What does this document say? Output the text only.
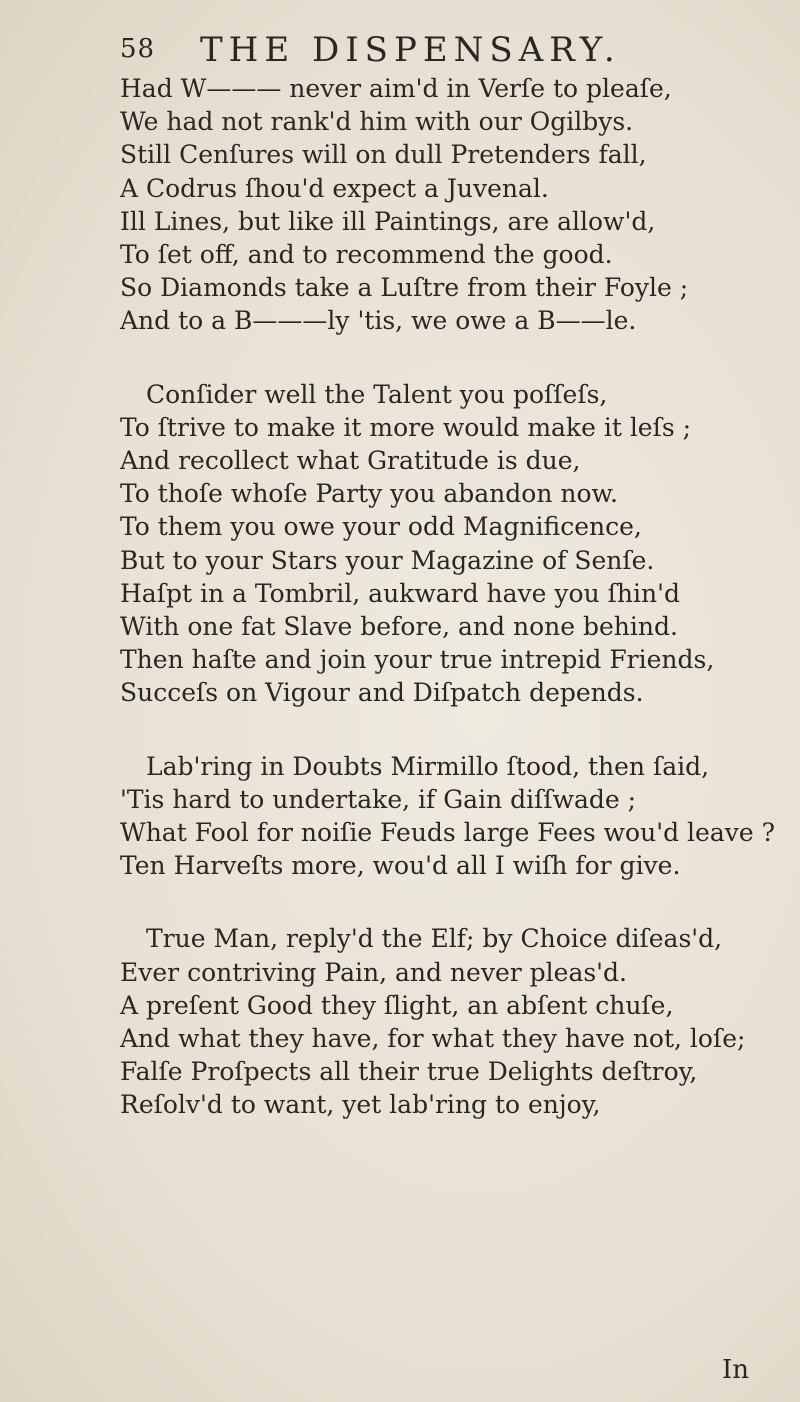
58 THE DISPENSARY.
Had W——— never aim'd in Verſe to pleaſe,
We had not rank'd him with our Ogilbys.
Still Cenſures will on dull Pretenders fall,
A Codrus ſhou'd expect a Juvenal.
Ill Lines, but like ill Paintings, are allow'd,
To ſet off, and to recommend the good.
So Diamonds take a Luſtre from their Foyle ;
And to a B———ly 'tis, we owe a B——le.
Conſider well the Talent you poſſeſs,
To ſtrive to make it more would make it leſs ;
And recollect what Gratitude is due,
To thoſe whoſe Party you abandon now.
To them you owe your odd Magnificence,
But to your Stars your Magazine of Senſe.
Haſpt in a Tombril, aukward have you ſhin'd
With one fat Slave before, and none behind.
Then haſte and join your true intrepid Friends,
Succeſs on Vigour and Diſpatch depends.
Lab'ring in Doubts Mirmillo ſtood, then ſaid,
'Tis hard to undertake, if Gain diſſwade ;
What Fool for noiſie Feuds large Fees wou'd leave ?
Ten Harveſts more, wou'd all I wiſh for give.
True Man, reply'd the Elf; by Choice diſeas'd,
Ever contriving Pain, and never pleas'd.
A preſent Good they ſlight, an abſent chuſe,
And what they have, for what they have not, loſe;
Falſe Proſpects all their true Delights deſtroy,
Reſolv'd to want, yet lab'ring to enjoy,
In
